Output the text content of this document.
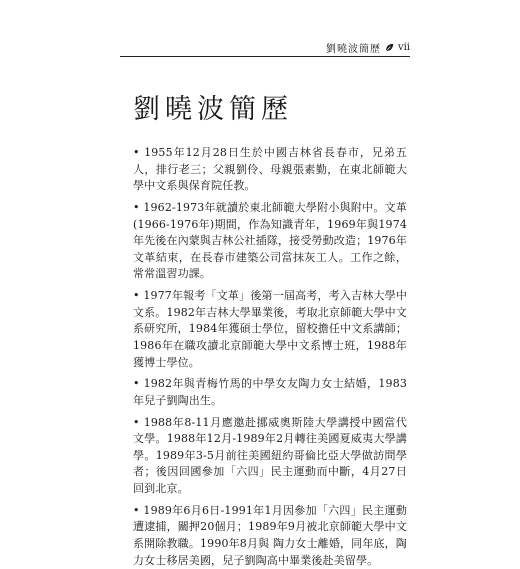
劉曉波簡歷 vii
劉曉波簡歷

• 1955年12月28日生於中國吉林省長春市，兄弟五人，排行老三；父親劉伶、母親張素勤，在東北師範大學中文系與保育院任教。

• 1962-1973年就讀於東北師範大學附小與附中。文革(1966-1976年)期間，作為知識青年，1969年與1974年先後在內蒙與吉林公社插隊，接受勞動改造；1976年文革結束，在長春市建築公司當抹灰工人。工作之餘，常常溫習功課。

• 1977年報考「文革」後第一屆高考，考入吉林大學中文系。1982年吉林大學畢業後，考取北京師範大學中文系研究所，1984年獲碩士學位，留校擔任中文系講師；1986年在職攻讀北京師範大學中文系博士班，1988年獲博士學位。

• 1982年與青梅竹馬的中學女友陶力女士結婚，1983年兒子劉陶出生。

• 1988年8-11月應邀赴挪威奧斯陸大學講授中國當代文學。1988年12月-1989年2月轉往美國夏威夷大學講學。1989年3-5月前往美國紐約哥倫比亞大學做訪問學者；後因回國參加「六四」民主運動而中斷，4月27日回到北京。

• 1989年6月6日-1991年1月因參加「六四」民主運動遭逮捕，關押20個月；1989年9月被北京師範大學中文系開除教職。1990年8月與 陶力女士離婚，同年底，陶力女士移居美國，兒子劉陶高中畢業後赴美留學。
